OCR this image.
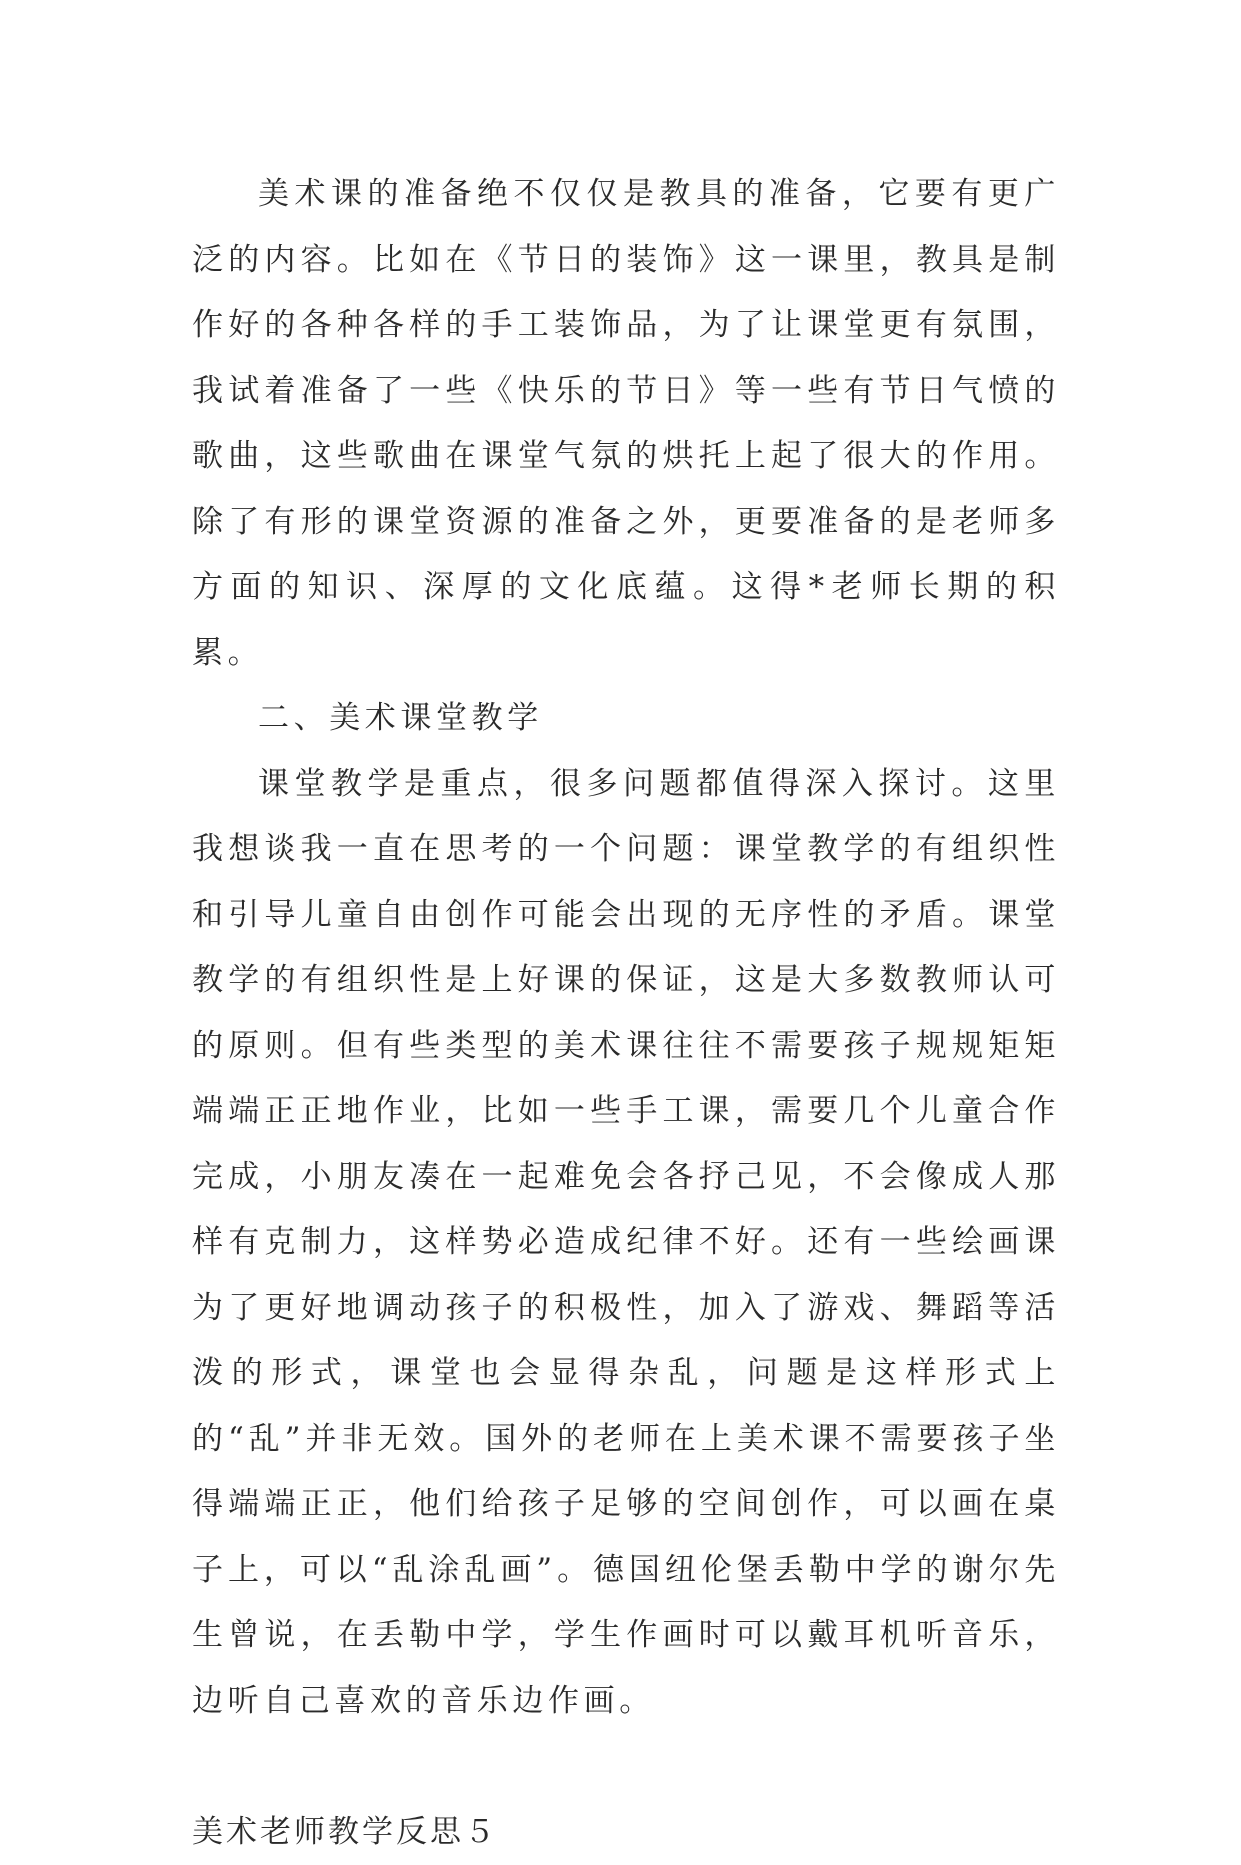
美术课的准备绝不仅仅是教具的准备，它要有更广泛的内容。比如在《节日的装饰》这一课里，教具是制作好的各种各样的手工装饰品，为了让课堂更有氛围，我试着准备了一些《快乐的节日》等一些有节日气愤的歌曲，这些歌曲在课堂气氛的烘托上起了很大的作用。除了有形的课堂资源的准备之外，更要准备的是老师多方面的知识、深厚的文化底蕴。这得*老师长期的积累。

二、美术课堂教学

课堂教学是重点，很多问题都值得深入探讨。这里我想谈我一直在思考的一个问题：课堂教学的有组织性和引导儿童自由创作可能会出现的无序性的矛盾。课堂教学的有组织性是上好课的保证，这是大多数教师认可的原则。但有些类型的美术课往往不需要孩子规规矩矩端端正正地作业，比如一些手工课，需要几个儿童合作完成，小朋友凑在一起难免会各抒己见，不会像成人那样有克制力，这样势必造成纪律不好。还有一些绘画课为了更好地调动孩子的积极性，加入了游戏、舞蹈等活泼的形式，课堂也会显得杂乱，问题是这样形式上的“乱”并非无效。国外的老师在上美术课不需要孩子坐得端端正正，他们给孩子足够的空间创作，可以画在桌子上，可以“乱涂乱画”。德国纽伦堡丢勒中学的谢尔先生曾说，在丢勒中学，学生作画时可以戴耳机听音乐，边听自己喜欢的音乐边作画。

美术老师教学反思５
